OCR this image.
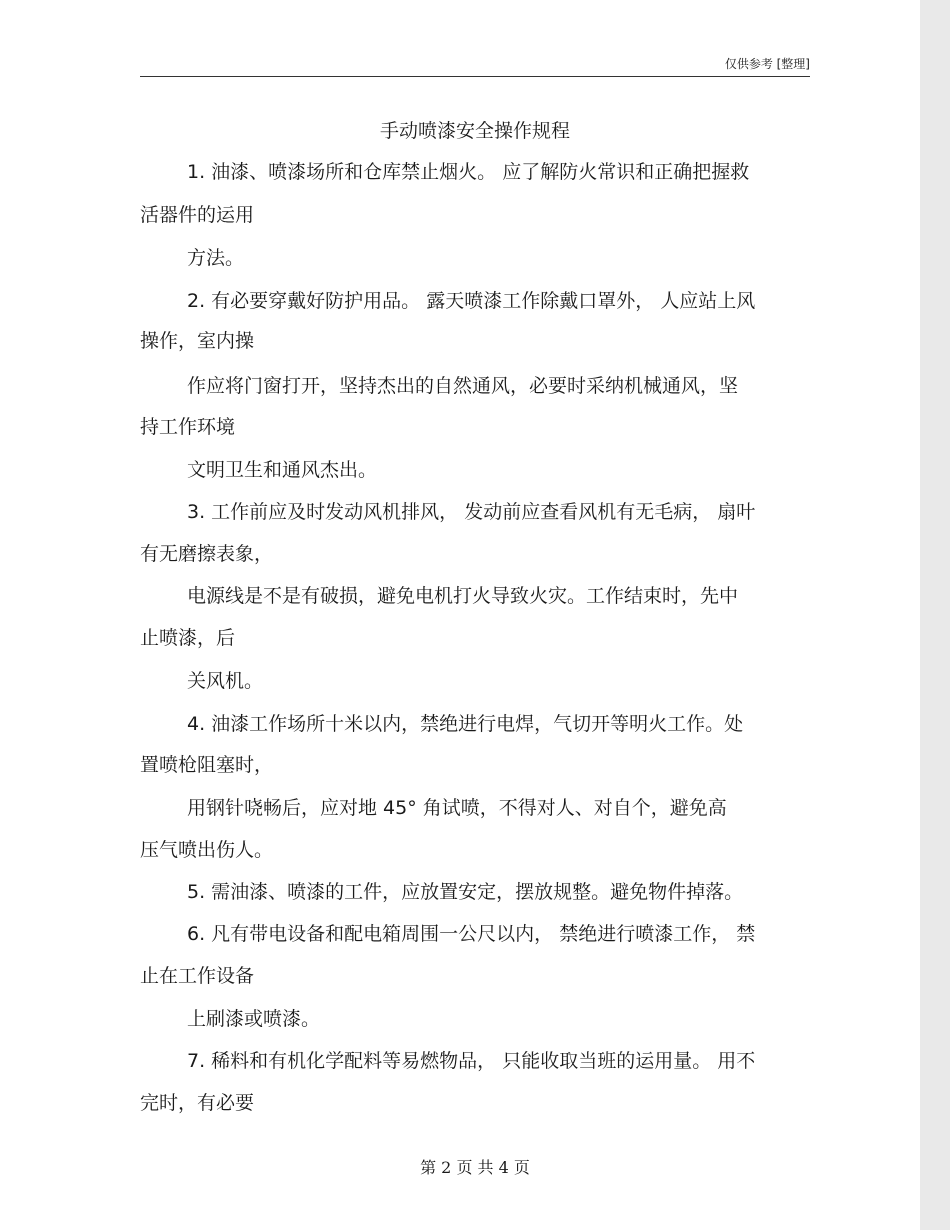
仅供参考 [整理]
手动喷漆安全操作规程
1. 油漆、喷漆场所和仓库禁止烟火。 应了解防火常识和正确把握救
活器件的运用
方法。
2. 有必要穿戴好防护用品。 露天喷漆工作除戴口罩外， 人应站上风
操作，室内操
作应将门窗打开，坚持杰出的自然通风，必要时采纳机械通风，坚
持工作环境
文明卫生和通风杰出。
3. 工作前应及时发动风机排风， 发动前应查看风机有无毛病， 扇叶
有无磨擦表象，
电源线是不是有破损，避免电机打火导致火灾。工作结束时，先中
止喷漆，后
关风机。
4. 油漆工作场所十米以内，禁绝进行电焊，气切开等明火工作。处
置喷枪阻塞时，
用钢针哓畅后，应对地 45° 角试喷，不得对人、对自个，避免高
压气喷出伤人。
5. 需油漆、喷漆的工件，应放置安定，摆放规整。避免物件掉落。
6. 凡有带电设备和配电箱周围一公尺以内， 禁绝进行喷漆工作， 禁
止在工作设备
上刷漆或喷漆。
7. 稀料和有机化学配料等易燃物品， 只能收取当班的运用量。 用不
完时，有必要
第 2 页 共 4 页
